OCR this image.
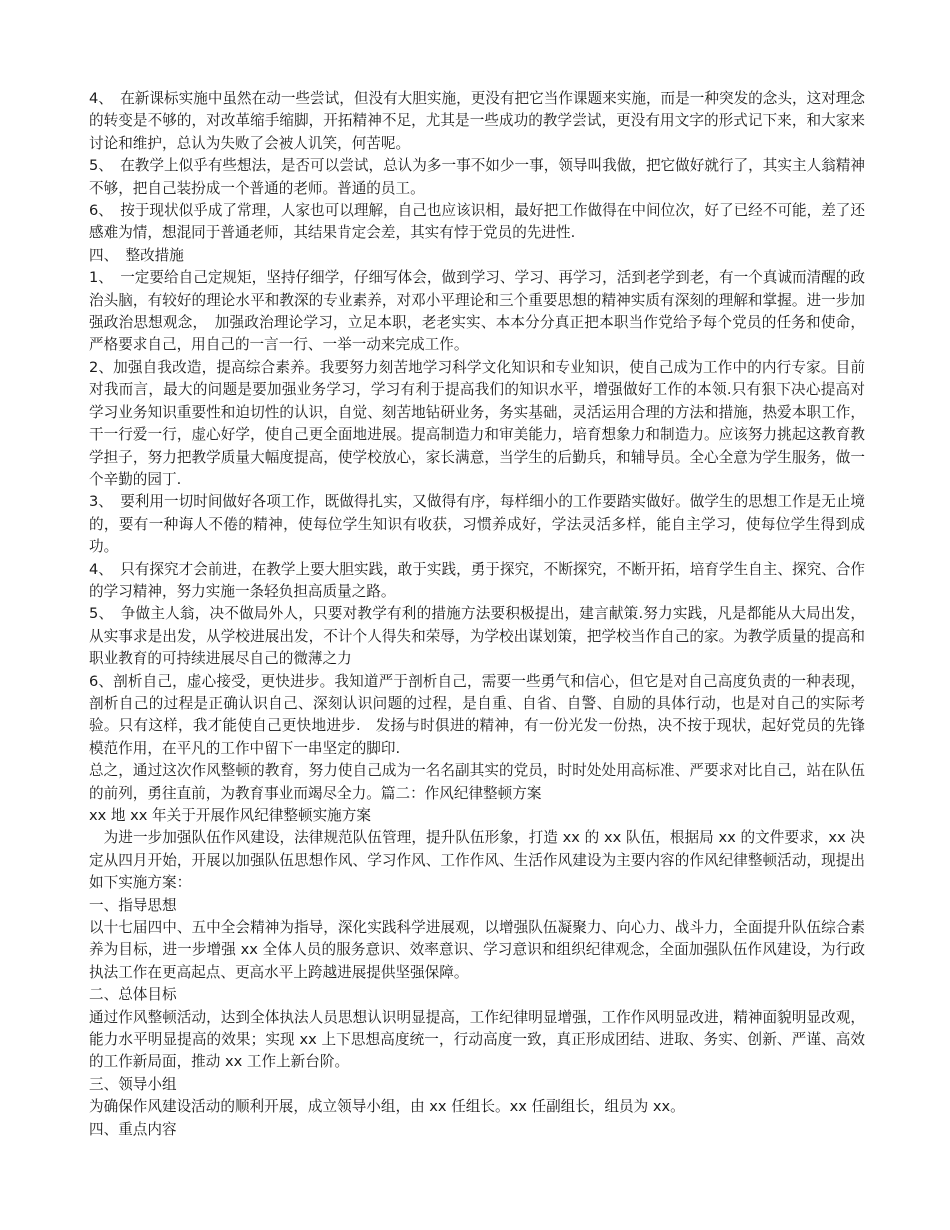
4、　在新课标实施中虽然在动一些尝试，但没有大胆实施，更没有把它当作课题来实施，而是一种突发的念头，这对理念的转变是不够的，对改革缩手缩脚，开拓精神不足，尤其是一些成功的教学尝试，更没有用文字的形式记下来，和大家来讨论和维护，总认为失败了会被人讥笑，何苦呢。

5、　在教学上似乎有些想法，是否可以尝试，总认为多一事不如少一事，领导叫我做，把它做好就行了，其实主人翁精神不够，把自己装扮成一个普通的老师。普通的员工。

6、　按于现状似乎成了常理，人家也可以理解，自己也应该识相，最好把工作做得在中间位次，好了已经不可能，差了还感难为情，想混同于普通老师，其结果肯定会差，其实有悖于党员的先进性.

四、　整改措施

1、　一定要给自己定规矩，坚持仔细学，仔细写体会，做到学习、学习、再学习，活到老学到老，有一个真诚而清醒的政治头脑，有较好的理论水平和教深的专业素养，对邓小平理论和三个重要思想的精神实质有深刻的理解和掌握。进一步加强政治思想观念，　加强政治理论学习，立足本职，老老实实、本本分分真正把本职当作党给予每个党员的任务和使命，严格要求自己，用自己的一言一行、一举一动来完成工作。

2、加强自我改造，提高综合素养。我要努力刻苦地学习科学文化知识和专业知识，使自己成为工作中的内行专家。目前对我而言，最大的问题是要加强业务学习，学习有利于提高我们的知识水平，增强做好工作的本领.只有狠下决心提高对学习业务知识重要性和迫切性的认识，自觉、刻苦地钻研业务，务实基础，灵活运用合理的方法和措施，热爱本职工作，干一行爱一行，虚心好学，使自己更全面地进展。提高制造力和审美能力，培育想象力和制造力。应该努力挑起这教育教学担子，努力把教学质量大幅度提高，使学校放心，家长满意，当学生的后勤兵，和辅导员。全心全意为学生服务，做一个辛勤的园丁.

3、　要利用一切时间做好各项工作，既做得扎实，又做得有序，每样细小的工作要踏实做好。做学生的思想工作是无止境的，要有一种诲人不倦的精神，使每位学生知识有收获，习惯养成好，学法灵活多样，能自主学习，使每位学生得到成功。

4、　只有探究才会前进，在教学上要大胆实践，敢于实践，勇于探究，不断探究，不断开拓，培育学生自主、探究、合作的学习精神，努力实施一条轻负担高质量之路。

5、　争做主人翁，决不做局外人，只要对教学有利的措施方法要积极提出，建言献策.努力实践，凡是都能从大局出发，从实事求是出发，从学校进展出发，不计个人得失和荣辱，为学校出谋划策，把学校当作自己的家。为教学质量的提高和职业教育的可持续进展尽自己的微薄之力

6、剖析自己，虚心接受，更快进步。我知道严于剖析自己，需要一些勇气和信心，但它是对自己高度负责的一种表现，剖析自己的过程是正确认识自己、深刻认识问题的过程，是自重、自省、自警、自励的具体行动，也是对自己的实际考验。只有这样，我才能使自己更快地进步.　发扬与时俱进的精神，有一份光发一份热，决不按于现状，起好党员的先锋模范作用，在平凡的工作中留下一串坚定的脚印.

总之，通过这次作风整顿的教育，努力使自己成为一名名副其实的党员，时时处处用高标准、严要求对比自己，站在队伍的前列，勇往直前，为教育事业而竭尽全力。篇二：作风纪律整顿方案

xx 地 xx 年关于开展作风纪律整顿实施方案

　为进一步加强队伍作风建设，法律规范队伍管理，提升队伍形象，打造 xx 的 xx 队伍，根据局 xx 的文件要求，xx 决定从四月开始，开展以加强队伍思想作风、学习作风、工作作风、生活作风建设为主要内容的作风纪律整顿活动，现提出如下实施方案：

一、指导思想

以十七届四中、五中全会精神为指导，深化实践科学进展观，以增强队伍凝聚力、向心力、战斗力，全面提升队伍综合素养为目标，进一步增强 xx 全体人员的服务意识、效率意识、学习意识和组织纪律观念，全面加强队伍作风建设，为行政执法工作在更高起点、更高水平上跨越进展提供坚强保障。

二、总体目标

通过作风整顿活动，达到全体执法人员思想认识明显提高，工作纪律明显增强，工作作风明显改进，精神面貌明显改观，能力水平明显提高的效果；实现 xx 上下思想高度统一，行动高度一致，真正形成团结、进取、务实、创新、严谨、高效的工作新局面，推动 xx 工作上新台阶。

三、领导小组

为确保作风建设活动的顺利开展，成立领导小组，由 xx 任组长。xx 任副组长，组员为 xx。

四、重点内容
